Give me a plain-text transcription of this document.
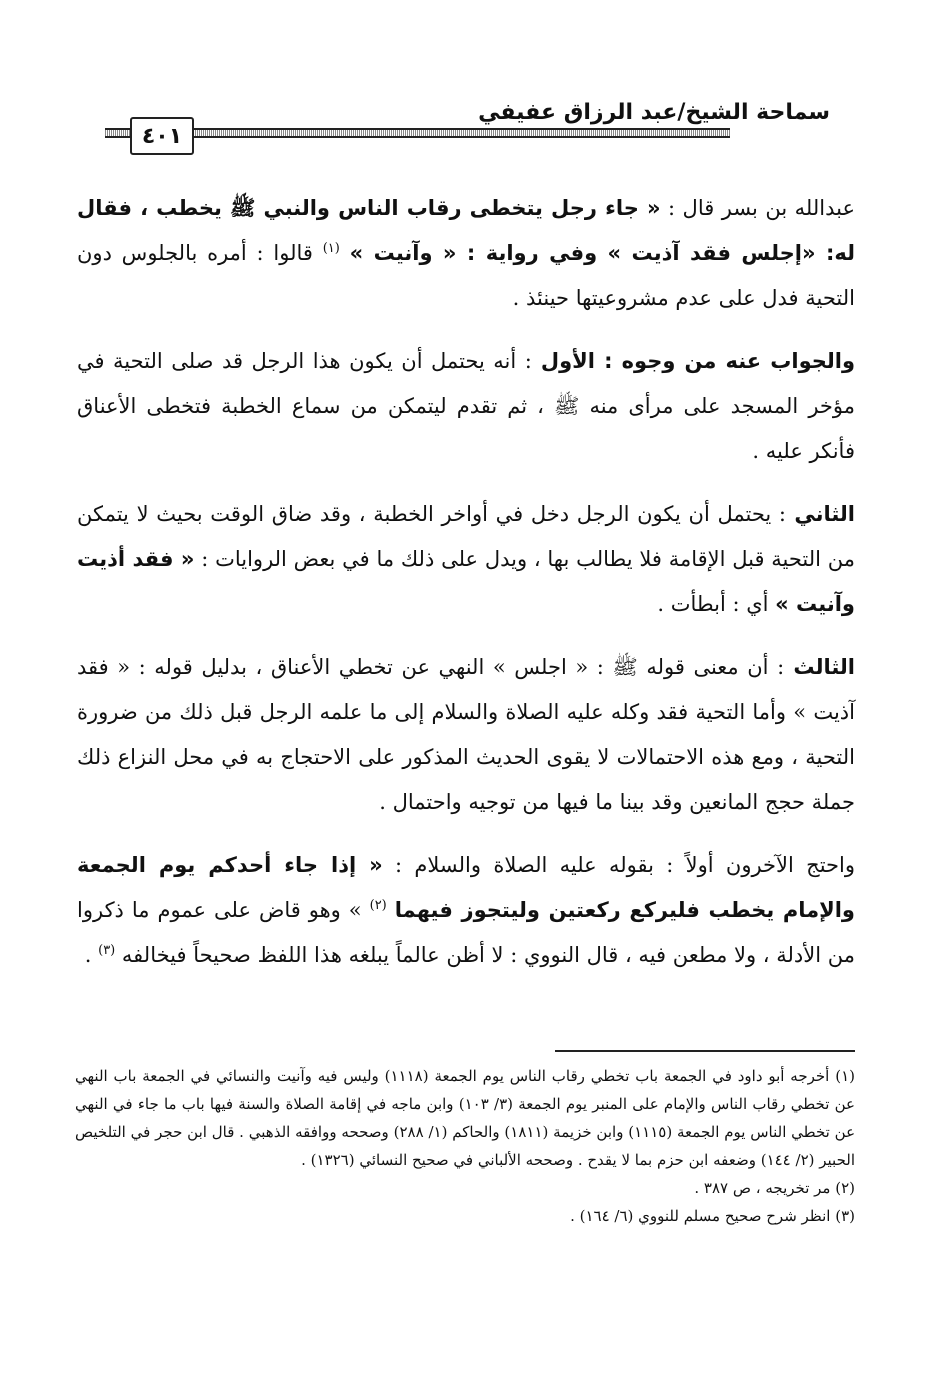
سماحة الشيخ/عبد الرزاق عفيفي
٤٠١

عبدالله بن بسر قال : « جاء رجل يتخطى رقاب الناس والنبي ﷺ يخطب ، فقال له: «إجلس فقد آذيت » وفي رواية : « وآنيت » $^{(١)}$ قالوا : أمره بالجلوس دون التحية فدل على عدم مشروعيتها حينئذ .

والجواب عنه من وجوه : الأول : أنه يحتمل أن يكون هذا الرجل قد صلى التحية في مؤخر المسجد على مرأى منه ﷺ ، ثم تقدم ليتمكن من سماع الخطبة فتخطى الأعناق فأنكر عليه .

الثاني : يحتمل أن يكون الرجل دخل في أواخر الخطبة ، وقد ضاق الوقت بحيث لا يتمكن من التحية قبل الإقامة فلا يطالب بها ، ويدل على ذلك ما في بعض الروايات : « فقد أذيت وآنيت » أي : أبطأت .

الثالث : أن معنى قوله ﷺ : « اجلس » النهي عن تخطي الأعناق ، بدليل قوله : « فقد آذيت » وأما التحية فقد وكله عليه الصلاة والسلام إلى ما علمه الرجل قبل ذلك من ضرورة التحية ، ومع هذه الاحتمالات لا يقوى الحديث المذكور على الاحتجاج به في محل النزاع ذلك جملة حجج المانعين وقد بينا ما فيها من توجيه واحتمال .

واحتج الآخرون أولاً : بقوله عليه الصلاة والسلام : « إذا جاء أحدكم يوم الجمعة والإمام يخطب فليركع ركعتين وليتجوز فيهما $^{(٢)}$ » وهو قاض على عموم ما ذكروا من الأدلة ، ولا مطعن فيه ، قال النووي : لا أظن عالماً يبلغه هذا اللفظ صحيحاً فيخالفه $^{(٣)}$ .

(١) أخرجه أبو داود في الجمعة باب تخطي رقاب الناس يوم الجمعة (١١١٨) وليس فيه وآنيت والنسائي في الجمعة باب النهي عن تخطي رقاب الناس والإمام على المنبر يوم الجمعة (٣/ ١٠٣) وابن ماجه في إقامة الصلاة والسنة فيها باب ما جاء في النهي عن تخطي الناس يوم الجمعة (١١١٥) وابن خزيمة (١٨١١) والحاكم (١/ ٢٨٨) وصححه ووافقه الذهبي . قال ابن حجر في التلخيص الحبير (٢/ ١٤٤) وضعفه ابن حزم بما لا يقدح . وصححه الألباني في صحيح النسائي (١٣٢٦) .

(٢) مر تخريجه ، ص ٣٨٧ .

(٣) انظر شرح صحيح مسلم للنووي (٦/ ١٦٤) .
